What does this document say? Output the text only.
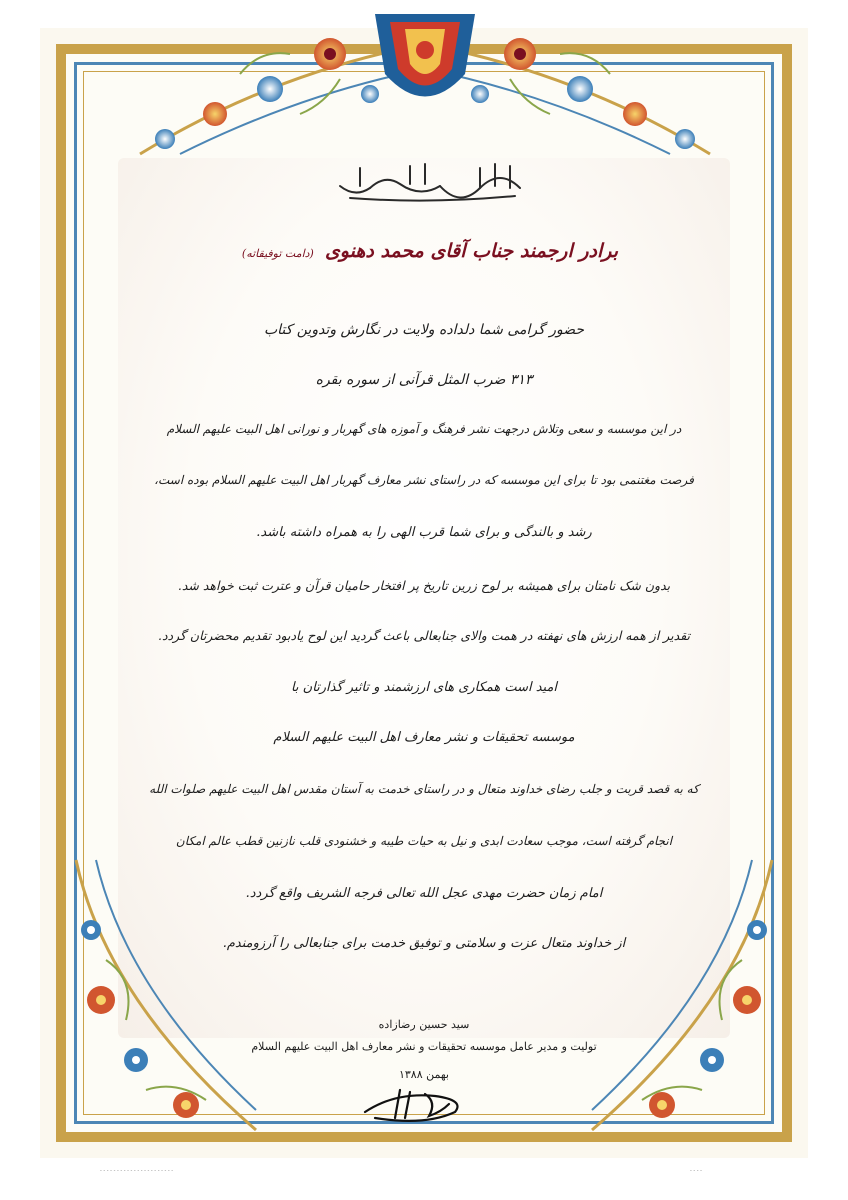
برادر ارجمند جناب آقای محمد دهنوی (دامت توفیقاته)
حضور گرامی شما دلداده ولایت در نگارش وتدوین کتاب
۳۱۳ ضرب المثل قرآنی از سوره بقره
در این موسسه و سعی وتلاش درجهت نشر فرهنگ و آموزه های گهربار و نورانی اهل البیت علیهم السلام
فرصت مغتنمی بود تا برای این موسسه که در راستای نشر معارف گهربار اهل البیت علیهم السلام بوده است،
رشد و بالندگی و برای شما قرب الهی را به همراه داشته باشد.
بدون شک نامتان برای همیشه بر لوح زرین تاریخ پر افتخار حامیان قرآن و عترت ثبت خواهد شد.
تقدیر از همه ارزش های نهفته در همت والای جنابعالی باعث گردید این لوح یادبود تقدیم محضرتان گردد.
امید است همکاری های ارزشمند و تاثیر گذارتان با
موسسه تحقیقات و نشر معارف اهل البیت علیهم السلام
که به قصد قربت و جلب رضای خداوند متعال و در راستای خدمت به آستان مقدس اهل البیت علیهم صلوات الله
انجام گرفته است، موجب سعادت ابدی و نیل به حیات طیبه و خشنودی قلب نازنین قطب عالم امکان
امام زمان حضرت مهدی عجل الله تعالی فرجه الشریف واقع گردد.
از خداوند متعال عزت و سلامتی و توفیق خدمت برای جنابعالی را آرزومندم.
سید حسین رضازاده
تولیت و مدیر عامل موسسه تحقیقات و نشر معارف اهل البیت علیهم السلام
بهمن ۱۳۸۸
- - - - - - - - - - - - - - - - - - - - - -	- - - -
